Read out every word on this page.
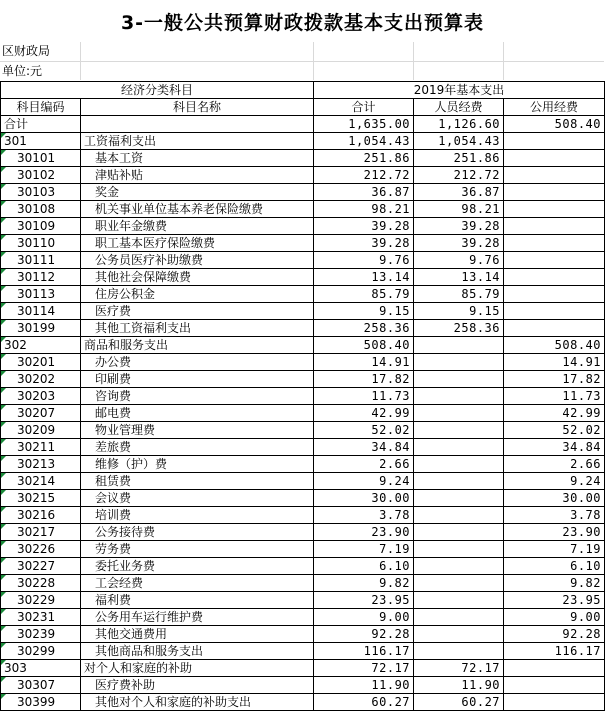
3-一般公共预算财政拨款基本支出预算表
区财政局
单位:元
经济分类科目		2019年基本支出		
科目编码	科目名称	合计	人员经费	公用经费
合计		1,635.00	1,126.60	508.40

301	工资福利支出	1,054.43	1,054.43	

30101	基本工资	251.86	251.86	

30102	津贴补贴	212.72	212.72	

30103	奖金	36.87	36.87	

30108	机关事业单位基本养老保险缴费	98.21	98.21	

30109	职业年金缴费	39.28	39.28	

30110	职工基本医疗保险缴费	39.28	39.28	

30111	公务员医疗补助缴费	9.76	9.76	

30112	其他社会保障缴费	13.14	13.14	

30113	住房公积金	85.79	85.79	

30114	医疗费	9.15	9.15	

30199	其他工资福利支出	258.36	258.36	

302	商品和服务支出	508.40		508.40

30201	办公费	14.91		14.91

30202	印刷费	17.82		17.82

30203	咨询费	11.73		11.73

30207	邮电费	42.99		42.99

30209	物业管理费	52.02		52.02

30211	差旅费	34.84		34.84

30213	维修（护）费	2.66		2.66

30214	租赁费	9.24		9.24

30215	会议费	30.00		30.00

30216	培训费	3.78		3.78

30217	公务接待费	23.90		23.90

30226	劳务费	7.19		7.19

30227	委托业务费	6.10		6.10

30228	工会经费	9.82		9.82

30229	福利费	23.95		23.95

30231	公务用车运行维护费	9.00		9.00

30239	其他交通费用	92.28		92.28

30299	其他商品和服务支出	116.17		116.17

303	对个人和家庭的补助	72.17	72.17	

30307	医疗费补助	11.90	11.90	

30399	其他对个人和家庭的补助支出	60.27	60.27	
